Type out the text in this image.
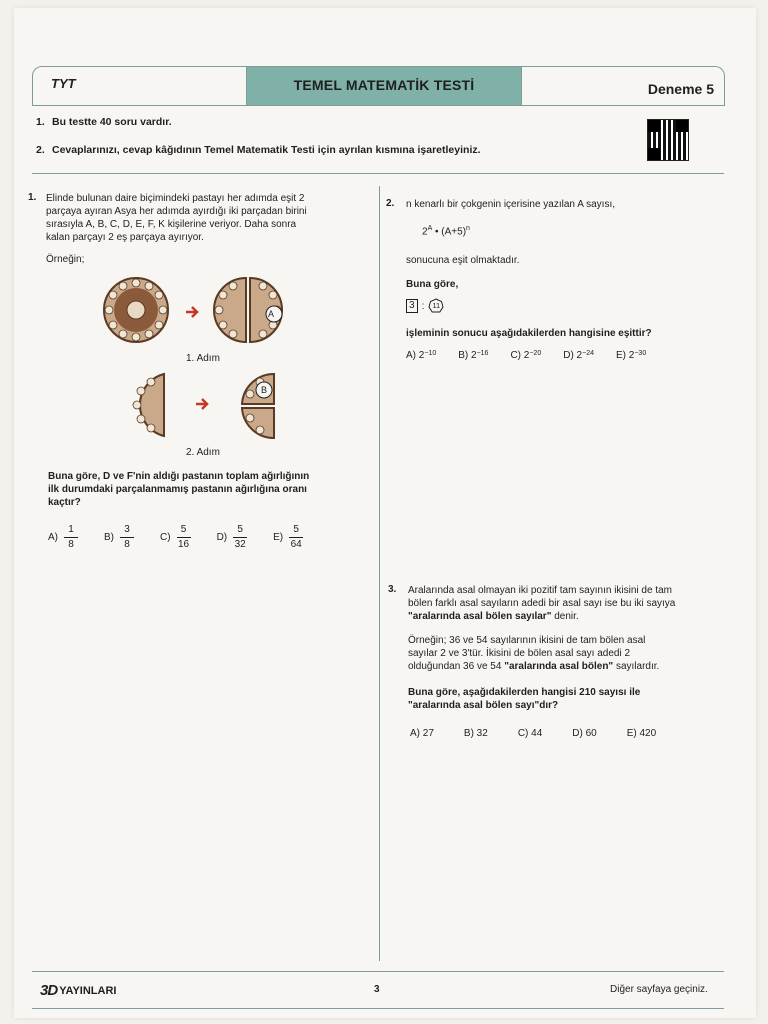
TYT	TEMEL MATEMATİK TESTİ	Deneme 5
1. Bu testte 40 soru vardır.
2. Cevaplarınızı, cevap kâğıdının Temel Matematik Testi için ayrılan kısmına işaretleyiniz.
1. Elinde bulunan daire biçimindeki pastayı her adımda eşit 2
parçaya ayıran Asya her adımda ayırdığı iki parçadan birini
sırasıyla A, B, C, D, E, F, K kişilerine veriyor. Daha sonra
kalan parçayı 2 eş parçaya ayırıyor.
Örneğin;
A
1. Adım
B
2. Adım
Buna göre, D ve F'nin aldığı pastanın toplam ağırlığının
ilk durumdaki parçalanmamış pastanın ağırlığına oranı
kaçtır?
$A) \frac{1}{8}$	$B) \frac{3}{8}$	$C) \frac{5}{16}$	$D) \frac{5}{32}$	$E) \frac{5}{64}$
2. n kenarlı bir çokgenin içerisine yazılan A sayısı,
$2^A$ • $(A+5)^n$
sonucuna eşit olmaktadır.
Buna göre,
3 :	11
işleminin sonucu aşağıdakilerden hangisine eşittir?
A) $2^{-10}$ B) $2^{-16}$ C) $2^{-20}$ D) $2^{-24}$ E) $2^{-30}$
3. Aralarında asal olmayan iki pozitif tam sayının ikisini de tam
bölen farklı asal sayıların adedi bir asal sayı ise bu iki sayıya
"aralarında asal bölen sayılar" denir.
Örneğin; 36 ve 54 sayılarının ikisini de tam bölen asal
sayılar 2 ve 3'tür. İkisini de bölen asal sayı adedi 2
olduğundan 36 ve 54 "aralarında asal bölen" sayılardır.
Buna göre, aşağıdakilerden hangisi 210 sayısı ile
"aralarında asal bölen sayı"dır?
A) 27	B) 32	C) 44	D) 60	E) 420
3D YAYINLARI	3	Diğer sayfaya geçiniz.
